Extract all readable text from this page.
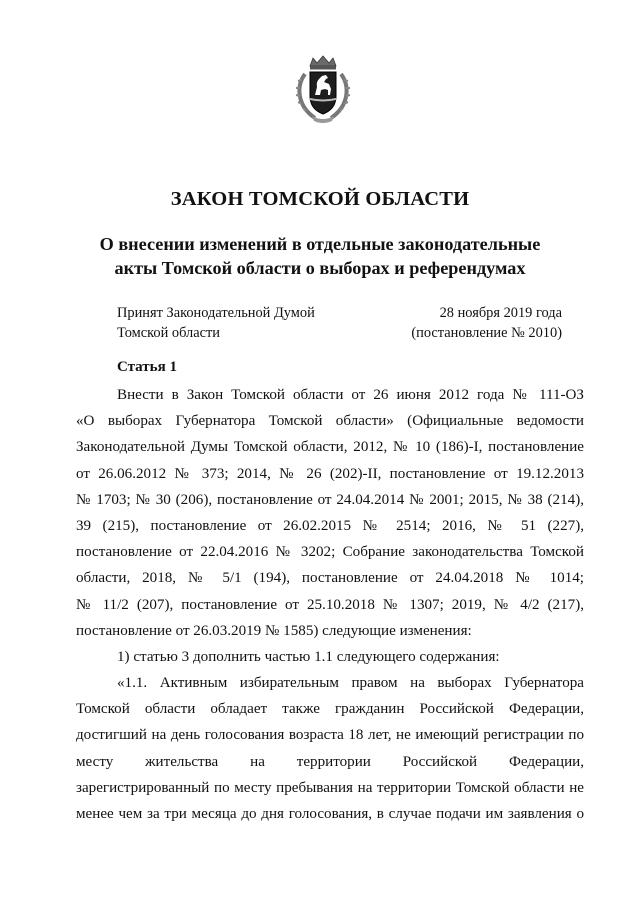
ЗАКОН ТОМСКОЙ ОБЛАСТИ
О внесении изменений в отдельные законодательные
акты Томской области о выборах и референдумах
Принят Законодательной Думой
Томской области
28 ноября 2019 года
(постановление № 2010)
Статья 1
Внести в Закон Томской области от 26 июня 2012 года № 111-ОЗ
«О выборах Губернатора Томской области» (Официальные ведомости
Законодательной Думы Томской области, 2012, № 10 (186)-I, постановление
от 26.06.2012 № 373; 2014, № 26 (202)-II, постановление от 19.12.2013
№ 1703; № 30 (206), постановление от 24.04.2014 № 2001; 2015, № 38 (214),
39 (215), постановление от 26.02.2015 № 2514; 2016, № 51 (227),
постановление от 22.04.2016 № 3202; Собрание законодательства Томской
области, 2018, № 5/1 (194), постановление от 24.04.2018 № 1014;
№ 11/2 (207), постановление от 25.10.2018 № 1307; 2019, № 4/2 (217),
постановление от 26.03.2019 № 1585) следующие изменения:
1) статью 3 дополнить частью 1.1 следующего содержания:
«1.1. Активным избирательным правом на выборах Губернатора
Томской области обладает также гражданин Российской Федерации,
достигший на день голосования возраста 18 лет, не имеющий регистрации по
месту жительства на территории Российской Федерации,
зарегистрированный по месту пребывания на территории Томской области не
менее чем за три месяца до дня голосования, в случае подачи им заявления о
